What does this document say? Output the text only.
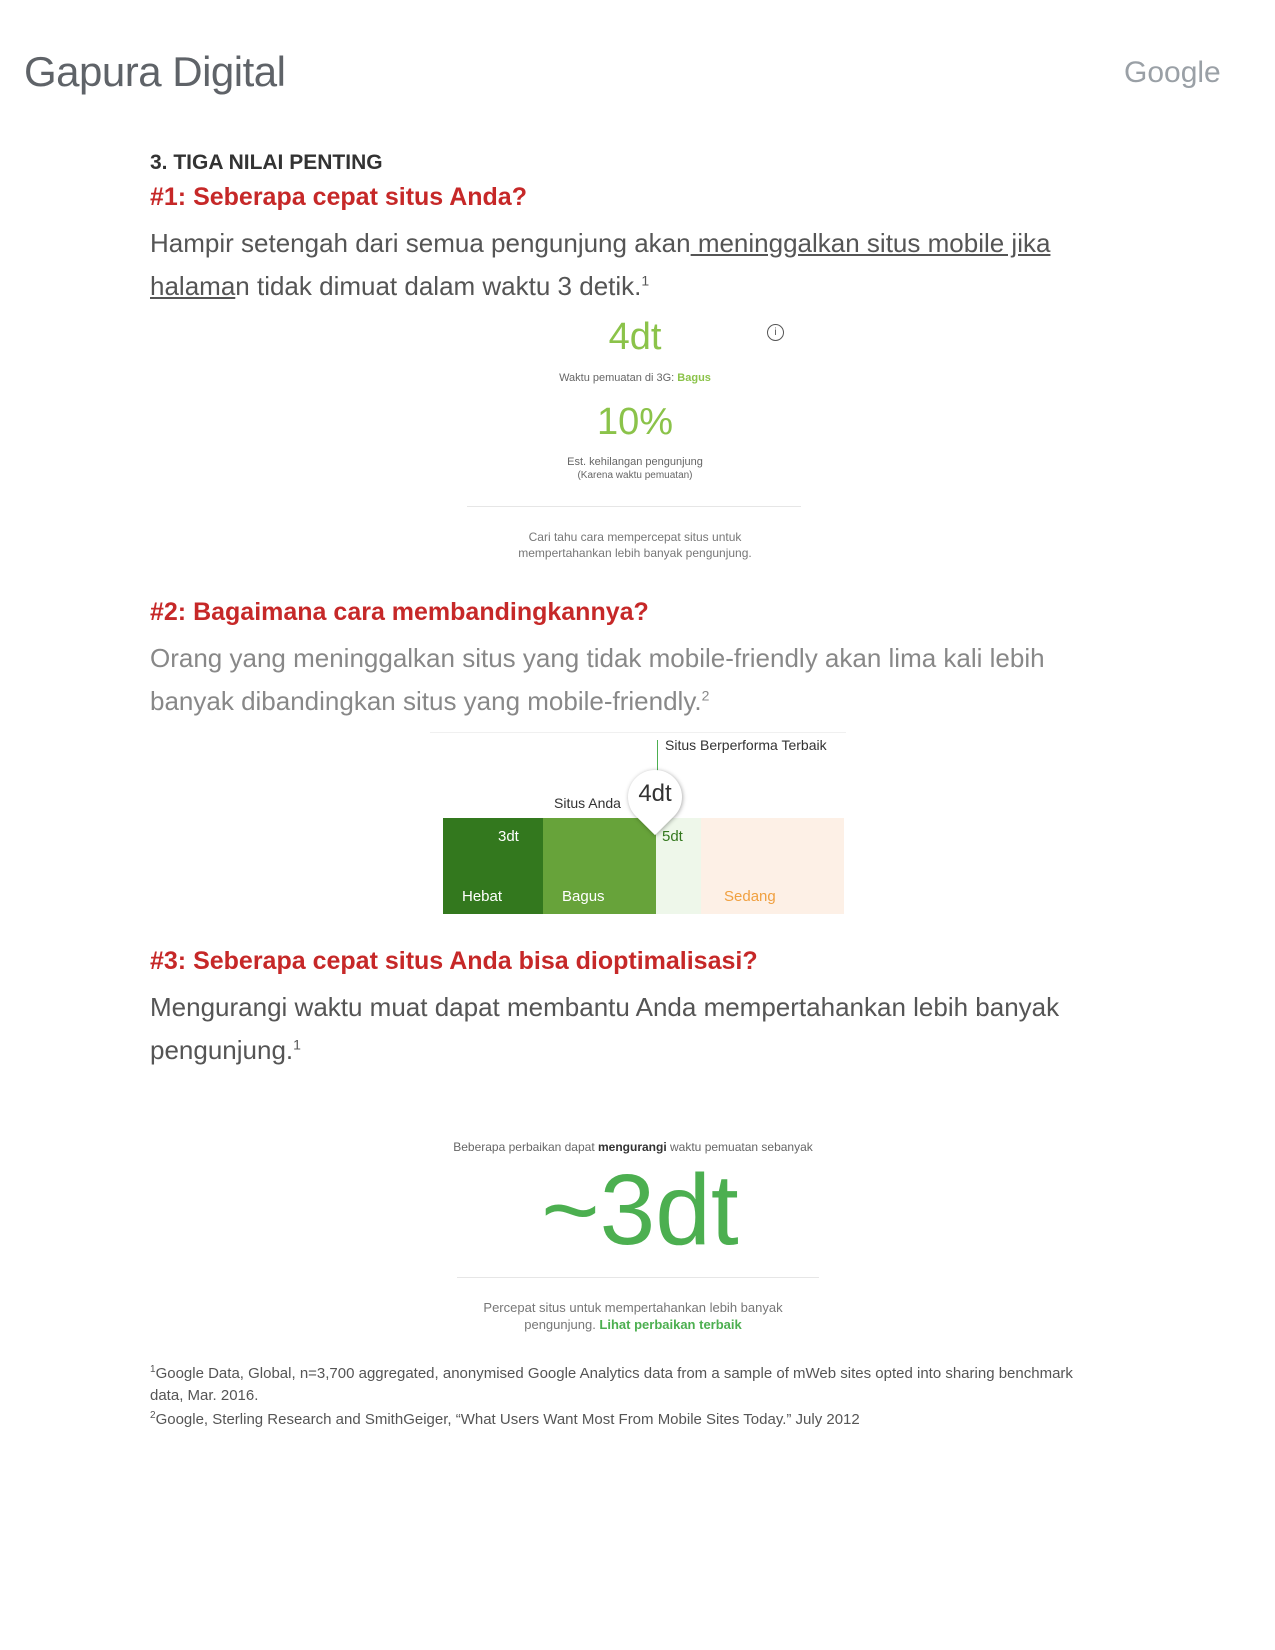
Gapura Digital	Google
3. TIGA NILAI PENTING
#1: Seberapa cepat situs Anda?
Hampir setengah dari semua pengunjung akan meninggalkan situs mobile jika
halaman tidak dimuat dalam waktu 3 detik.$^1$
4dt	i
Waktu pemuatan di 3G: Bagus
10%
Est. kehilangan pengunjung
(Karena waktu pemuatan)
Cari tahu cara mempercepat situs untuk
mempertahankan lebih banyak pengunjung.
#2: Bagaimana cara membandingkannya?
Orang yang meninggalkan situs yang tidak mobile-friendly akan lima kali lebih banyak dibandingkan situs yang mobile-friendly.$^2$
Situs Berperforma Terbaik
Situs Anda
3dt	5dt
Hebat	Bagus	Sedang
4dt
#3: Seberapa cepat situs Anda bisa dioptimalisasi?
Mengurangi waktu muat dapat membantu Anda mempertahankan lebih banyak pengunjung.$^1$
Beberapa perbaikan dapat mengurangi waktu pemuatan sebanyak
~3dt
Percepat situs untuk mempertahankan lebih banyak
pengunjung. Lihat perbaikan terbaik
$^1$Google Data, Global, n=3,700 aggregated, anonymised Google Analytics data from a sample of mWeb sites opted into sharing benchmark data, Mar. 2016.
$^2$Google, Sterling Research and SmithGeiger, “What Users Want Most From Mobile Sites Today.” July 2012
